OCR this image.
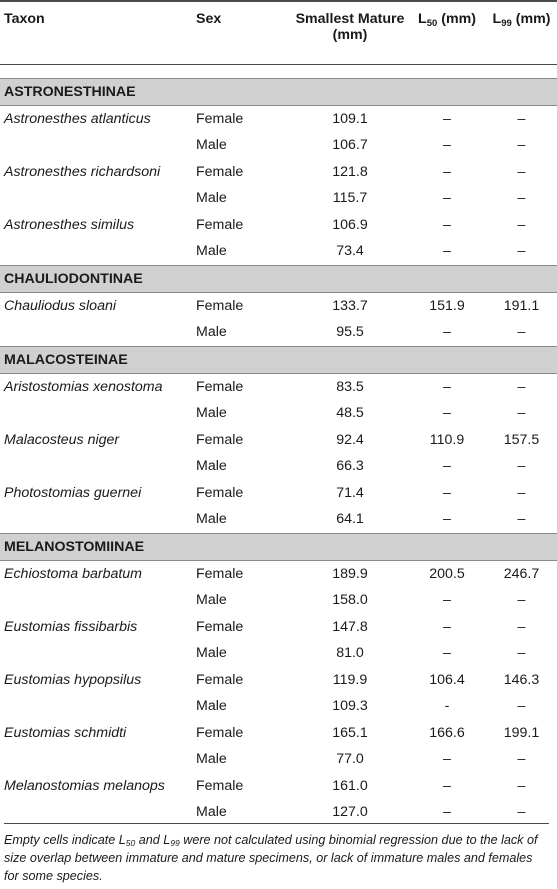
Taxon	Sex	Smallest Mature (mm)	$L_{50}$ (mm)	$L_{99}$ (mm)

ASTRONESTHINAE				
Astronesthes atlanticus	Female	109.1	–	–
	Male	106.7	–	–
Astronesthes richardsoni	Female	121.8	–	–
	Male	115.7	–	–
Astronesthes similus	Female	106.9	–	–
	Male	73.4	–	–
CHAULIODONTINAE				
Chauliodus sloani	Female	133.7	151.9	191.1
	Male	95.5	–	–
MALACOSTEINAE				
Aristostomias xenostoma	Female	83.5	–	–
	Male	48.5	–	–
Malacosteus niger	Female	92.4	110.9	157.5
	Male	66.3	–	–
Photostomias guernei	Female	71.4	–	–
	Male	64.1	–	–
MELANOSTOMIINAE				
Echiostoma barbatum	Female	189.9	200.5	246.7
	Male	158.0	–	–
Eustomias fissibarbis	Female	147.8	–	–
	Male	81.0	–	–
Eustomias hypopsilus	Female	119.9	106.4	146.3
	Male	109.3	-	–
Eustomias schmidti	Female	165.1	166.6	199.1
	Male	77.0	–	–
Melanostomias melanops	Female	161.0	–	–
	Male	127.0	–	–
Empty cells indicate $L_{50}$ and $L_{99}$ were not calculated using binomial regression due to the lack of size overlap between immature and mature specimens, or lack of immature males and females for some species.
